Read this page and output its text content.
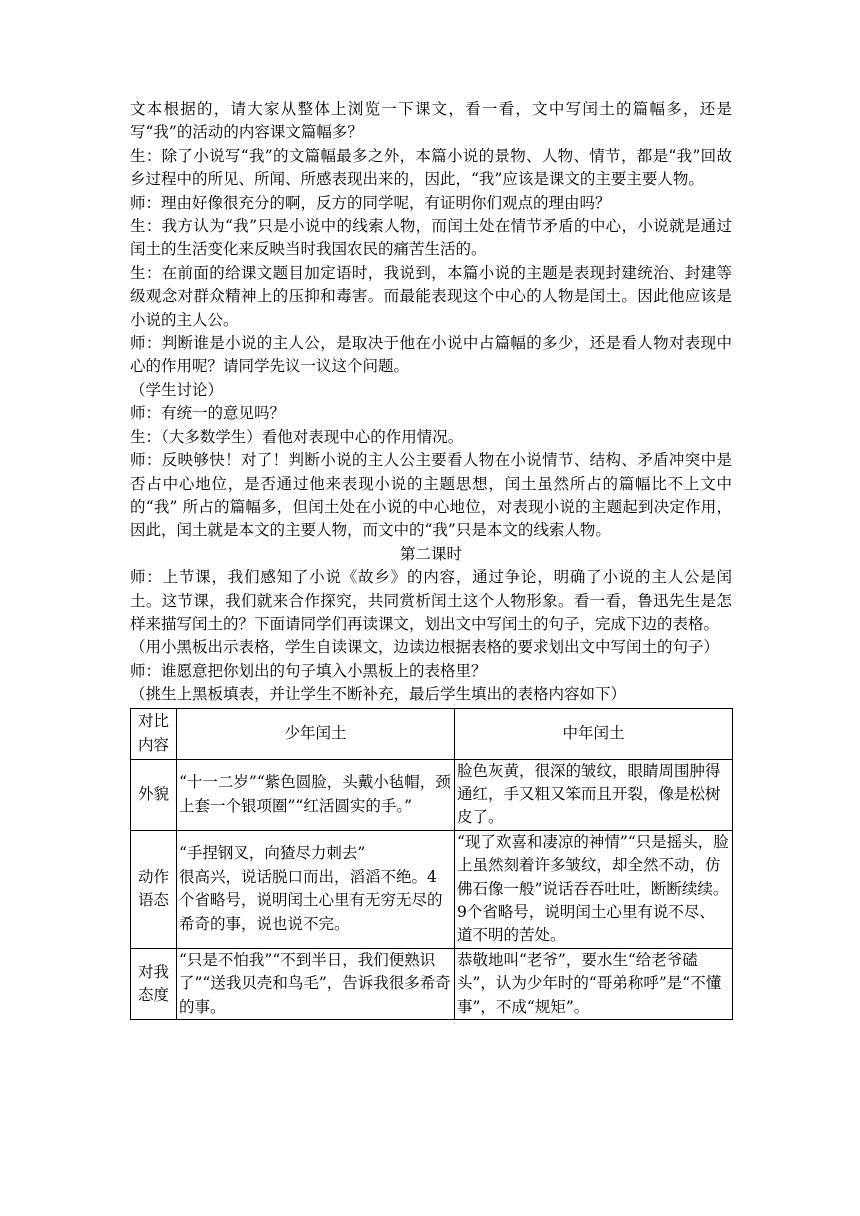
文本根据的，请大家从整体上浏览一下课文，看一看，文中写闰土的篇幅多，还是写“我”的活动的内容课文篇幅多？

生：除了小说写“我”的文篇幅最多之外，本篇小说的景物、人物、情节，都是“我”回故乡过程中的所见、所闻、所感表现出来的，因此，“我”应该是课文的主要主要人物。

师：理由好像很充分的啊，反方的同学呢，有证明你们观点的理由吗？

生：我方认为“我”只是小说中的线索人物，而闰土处在情节矛盾的中心，小说就是通过闰土的生活变化来反映当时我国农民的痛苦生活的。

生：在前面的给课文题目加定语时，我说到，本篇小说的主题是表现封建统治、封建等级观念对群众精神上的压抑和毒害。而最能表现这个中心的人物是闰土。因此他应该是小说的主人公。

师：判断谁是小说的主人公，是取决于他在小说中占篇幅的多少，还是看人物对表现中心的作用呢？请同学先议一议这个问题。

（学生讨论）

师：有统一的意见吗？

生：（大多数学生）看他对表现中心的作用情况。

师：反映够快！对了！判断小说的主人公主要看人物在小说情节、结构、矛盾冲突中是否占中心地位，是否通过他来表现小说的主题思想，闰土虽然所占的篇幅比不上文中的“我” 所占的篇幅多，但闰土处在小说的中心地位，对表现小说的主题起到决定作用，因此，闰土就是本文的主要人物，而文中的“我”只是本文的线索人物。

第二课时

师：上节课，我们感知了小说《故乡》的内容，通过争论，明确了小说的主人公是闰土。这节课，我们就来合作探究，共同赏析闰土这个人物形象。看一看，鲁迅先生是怎样来描写闰土的？下面请同学们再读课文，划出文中写闰土的句子，完成下边的表格。

（用小黑板出示表格，学生自读课文，边读边根据表格的要求划出文中写闰土的句子）

师：谁愿意把你划出的句子填入小黑板上的表格里？

（挑生上黑板填表，并让学生不断补充，最后学生填出的表格内容如下）

对比
内容	少年闰土	中年闰土

外貌	“十一二岁”“紫色圆脸，头戴小毡帽，颈上套一个银项圈”“红活圆实的手。”	脸色灰黄，很深的皱纹，眼睛周围肿得通红，手又粗又笨而且开裂，像是松树皮了。

动作
语态	“手捏钢叉，向猹尽力刺去”
很高兴，说话脱口而出，滔滔不绝。4个省略号，说明闰土心里有无穷无尽的希奇的事，说也说不完。	“现了欢喜和凄凉的神情”“只是摇头，脸上虽然刻着许多皱纹，却全然不动，仿佛石像一般”说话吞吞吐吐，断断续续。
9个省略号，说明闰土心里有说不尽、道不明的苦处。

对我
态度	“只是不怕我”“不到半日，我们便熟识了”“送我贝壳和鸟毛”，告诉我很多希奇的事。	恭敬地叫“老爷”，要水生“给老爷磕头”，认为少年时的“哥弟称呼”是“不懂事”，不成“规矩”。
